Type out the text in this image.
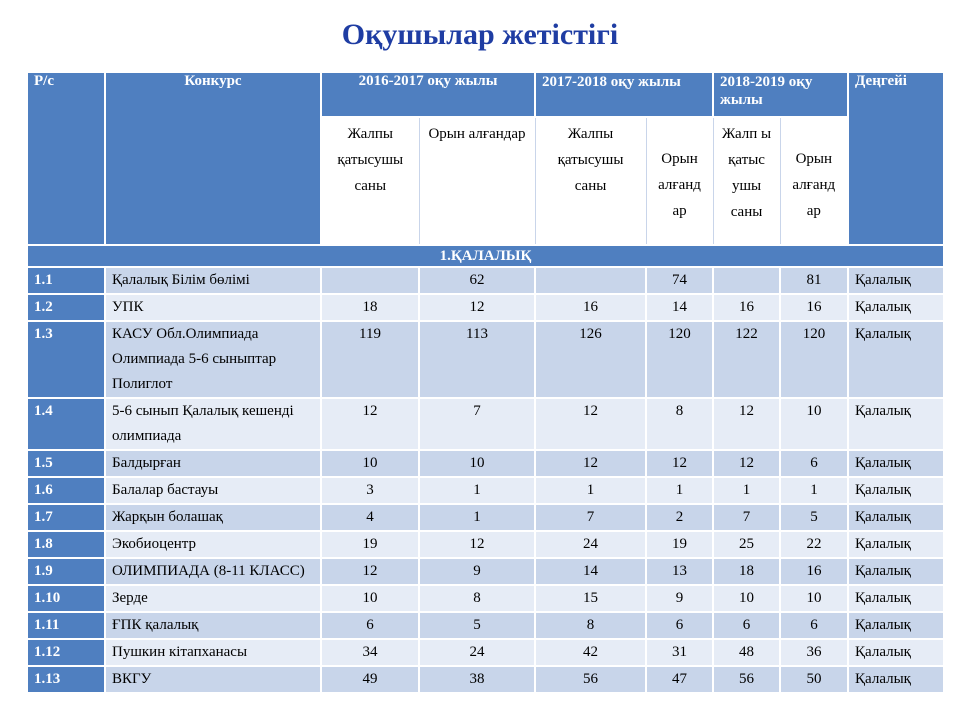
Оқушылар жетістігі
Р/с	Конкурс	2016-2017 оқу жылы		2017-2018 оқу жылы		2018-2019 оқу жылы		Деңгейі
		Жалпы қатысушы саны	Орын алғандар	Жалпы қатысушы саны	Орын алғанд ар	Жалп ы қатыс ушы саны	Орын алғанд ар	
1.ҚАЛАЛЫҚ								
1.1	Қалалық Білім бөлімі		62		74		81	Қалалық
1.2	УПК	18	12	16	14	16	16	Қалалық
1.3	КАСУ Обл.Олимпиада Олимпиада 5-6 сыныптар Полиглот	119	113	126	120	122	120	Қалалық
1.4	5-6 сынып Қалалық кешенді олимпиада	12	7	12	8	12	10	Қалалық
1.5	Балдырған	10	10	12	12	12	6	Қалалық
1.6	Балалар бастауы	3	1	1	1	1	1	Қалалық
1.7	Жарқын болашақ	4	1	7	2	7	5	Қалалық
1.8	Экобиоцентр	19	12	24	19	25	22	Қалалық
1.9	ОЛИМПИАДА (8-11 КЛАСС)	12	9	14	13	18	16	Қалалық
1.10	Зерде	10	8	15	9	10	10	Қалалық
1.11	ҒПК қалалық	6	5	8	6	6	6	Қалалық
1.12	Пушкин кітапханасы	34	24	42	31	48	36	Қалалық
1.13	ВКГУ	49	38	56	47	56	50	Қалалық
